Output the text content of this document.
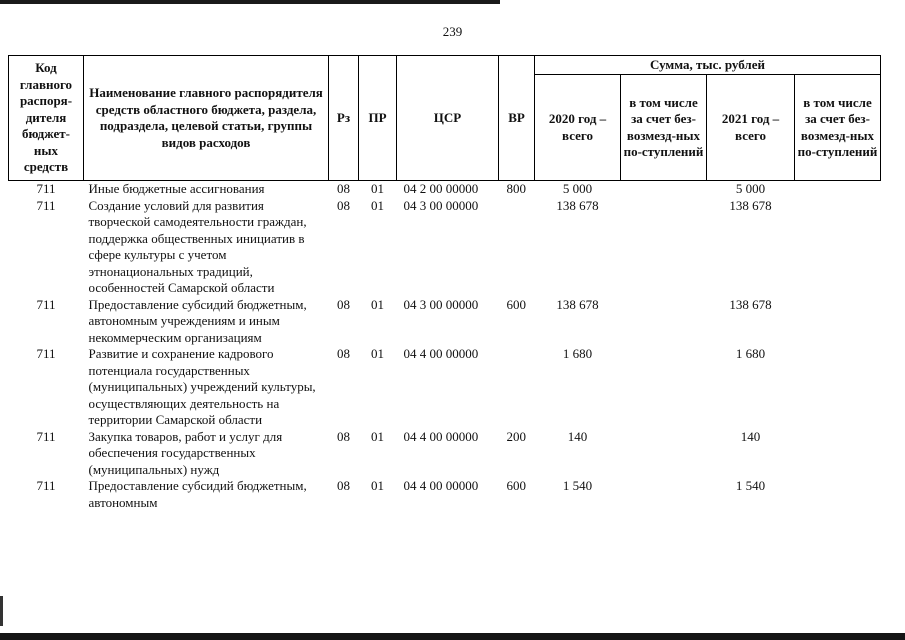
239
Код главного распоря-дителя бюджет-ных средств	Наименование главного распорядителя средств областного бюджета, раздела, подраздела, целевой статьи, группы видов расходов	Рз	ПР	ЦСР	ВР	Сумма, тыс. рублей			
						2020 год – всего	в том числе за счет без-возмезд-ных по-ступлений	2021 год – всего	в том числе за счет без-возмезд-ных по-ступлений
711	Иные бюджетные ассигнования	08	01	04 2 00 00000	800	5 000		5 000	
711	Создание условий для развития творческой самодеятельности граждан, поддержка общественных инициатив в сфере культуры с учетом этнонациональных традиций, особенностей Самарской области	08	01	04 3 00 00000		138 678		138 678	
711	Предоставление субсидий бюджетным, автономным учреждениям и иным некоммерческим организациям	08	01	04 3 00 00000	600	138 678		138 678	
711	Развитие и сохранение кадрового потенциала государственных (муниципальных) учреждений культуры, осуществляющих деятельность на территории Самарской области	08	01	04 4 00 00000		1 680		1 680	
711	Закупка товаров, работ и услуг для обеспечения государственных (муниципальных) нужд	08	01	04 4 00 00000	200	140		140	
711	Предоставление субсидий бюджетным, автономным	08	01	04 4 00 00000	600	1 540		1 540	
